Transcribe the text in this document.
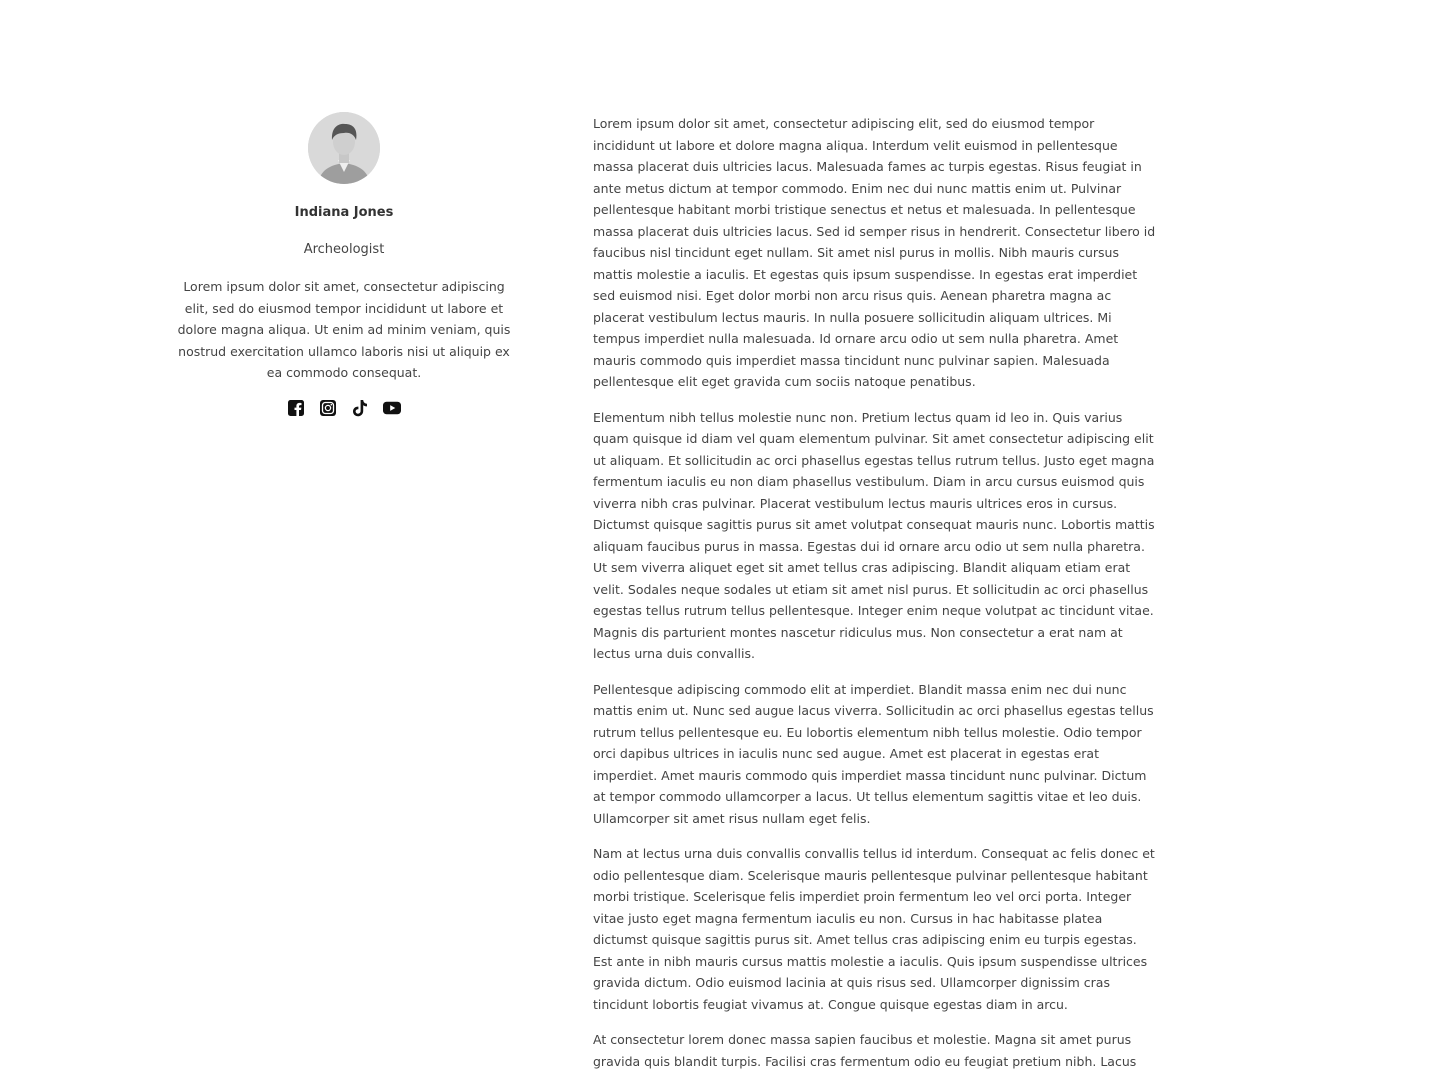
Indiana Jones
Archeologist
Lorem ipsum dolor sit amet, consectetur adipiscing elit, sed do eiusmod tempor incididunt ut labore et dolore magna aliqua. Ut enim ad minim veniam, quis nostrud exercitation ullamco laboris nisi ut aliquip ex ea commodo consequat.

Lorem ipsum dolor sit amet, consectetur adipiscing elit, sed do eiusmod tempor incididunt ut labore et dolore magna aliqua. Interdum velit euismod in pellentesque massa placerat duis ultricies lacus. Malesuada fames ac turpis egestas. Risus feugiat in ante metus dictum at tempor commodo. Enim nec dui nunc mattis enim ut. Pulvinar pellentesque habitant morbi tristique senectus et netus et malesuada. In pellentesque massa placerat duis ultricies lacus. Sed id semper risus in hendrerit. Consectetur libero id faucibus nisl tincidunt eget nullam. Sit amet nisl purus in mollis. Nibh mauris cursus mattis molestie a iaculis. Et egestas quis ipsum suspendisse. In egestas erat imperdiet sed euismod nisi. Eget dolor morbi non arcu risus quis. Aenean pharetra magna ac placerat vestibulum lectus mauris. In nulla posuere sollicitudin aliquam ultrices. Mi tempus imperdiet nulla malesuada. Id ornare arcu odio ut sem nulla pharetra. Amet mauris commodo quis imperdiet massa tincidunt nunc pulvinar sapien. Malesuada pellentesque elit eget gravida cum sociis natoque penatibus.

Elementum nibh tellus molestie nunc non. Pretium lectus quam id leo in. Quis varius quam quisque id diam vel quam elementum pulvinar. Sit amet consectetur adipiscing elit ut aliquam. Et sollicitudin ac orci phasellus egestas tellus rutrum tellus. Justo eget magna fermentum iaculis eu non diam phasellus vestibulum. Diam in arcu cursus euismod quis viverra nibh cras pulvinar. Placerat vestibulum lectus mauris ultrices eros in cursus. Dictumst quisque sagittis purus sit amet volutpat consequat mauris nunc. Lobortis mattis aliquam faucibus purus in massa. Egestas dui id ornare arcu odio ut sem nulla pharetra. Ut sem viverra aliquet eget sit amet tellus cras adipiscing. Blandit aliquam etiam erat velit. Sodales neque sodales ut etiam sit amet nisl purus. Et sollicitudin ac orci phasellus egestas tellus rutrum tellus pellentesque. Integer enim neque volutpat ac tincidunt vitae. Magnis dis parturient montes nascetur ridiculus mus. Non consectetur a erat nam at lectus urna duis convallis.

Pellentesque adipiscing commodo elit at imperdiet. Blandit massa enim nec dui nunc mattis enim ut. Nunc sed augue lacus viverra. Sollicitudin ac orci phasellus egestas tellus rutrum tellus pellentesque eu. Eu lobortis elementum nibh tellus molestie. Odio tempor orci dapibus ultrices in iaculis nunc sed augue. Amet est placerat in egestas erat imperdiet. Amet mauris commodo quis imperdiet massa tincidunt nunc pulvinar. Dictum at tempor commodo ullamcorper a lacus. Ut tellus elementum sagittis vitae et leo duis. Ullamcorper sit amet risus nullam eget felis.

Nam at lectus urna duis convallis convallis tellus id interdum. Consequat ac felis donec et odio pellentesque diam. Scelerisque mauris pellentesque pulvinar pellentesque habitant morbi tristique. Scelerisque felis imperdiet proin fermentum leo vel orci porta. Integer vitae justo eget magna fermentum iaculis eu non. Cursus in hac habitasse platea dictumst quisque sagittis purus sit. Amet tellus cras adipiscing enim eu turpis egestas. Est ante in nibh mauris cursus mattis molestie a iaculis. Quis ipsum suspendisse ultrices gravida dictum. Odio euismod lacinia at quis risus sed. Ullamcorper dignissim cras tincidunt lobortis feugiat vivamus at. Congue quisque egestas diam in arcu.

At consectetur lorem donec massa sapien faucibus et molestie. Magna sit amet purus gravida quis blandit turpis. Facilisi cras fermentum odio eu feugiat pretium nibh. Lacus
